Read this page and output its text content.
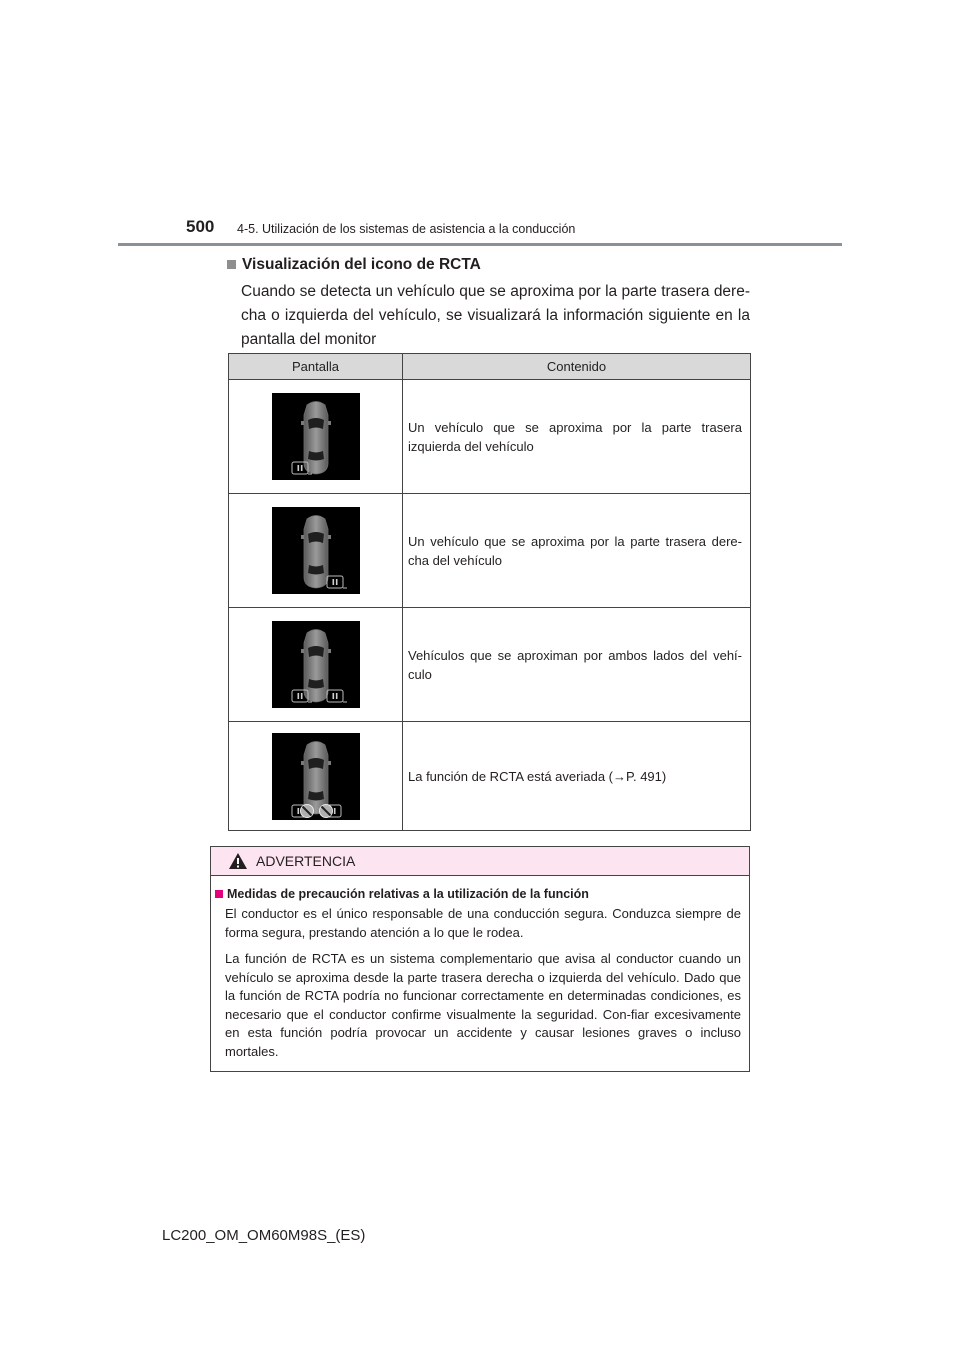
500 4-5. Utilización de los sistemas de asistencia a la conducción
Visualización del icono de RCTA
Cuando se detecta un vehículo que se aproxima por la parte trasera dere-cha o izquierda del vehículo, se visualizará la información siguiente en la pantalla del monitor
Pantalla	Contenido

	Un vehículo que se aproxima por la parte trasera izquierda del vehículo

	Un vehículo que se aproxima por la parte trasera dere-cha del vehículo

	Vehículos que se aproximan por ambos lados del vehí-culo

	La función de RCTA está averiada (→P. 491)
ADVERTENCIA
Medidas de precaución relativas a la utilización de la función

El conductor es el único responsable de una conducción segura. Conduzca siempre de forma segura, prestando atención a lo que le rodea.

La función de RCTA es un sistema complementario que avisa al conductor cuando un vehículo se aproxima desde la parte trasera derecha o izquierda del vehículo. Dado que la función de RCTA podría no funcionar correctamente en determinadas condiciones, es necesario que el conductor confirme visualmente la seguridad. Con-fiar excesivamente en esta función podría provocar un accidente y causar lesiones graves o incluso mortales.

LC200_OM_OM60M98S_(ES)
